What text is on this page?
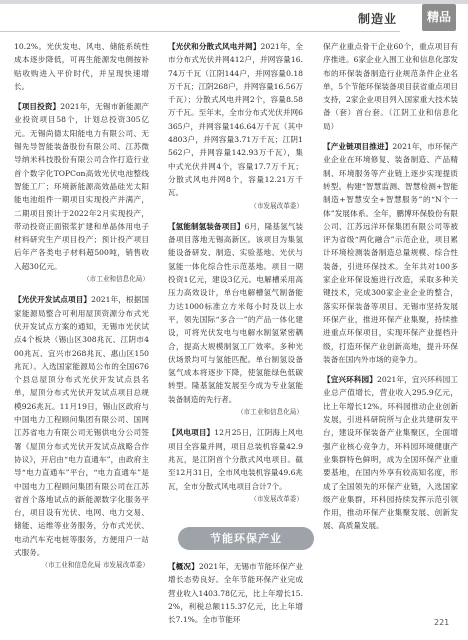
制造业	精品

10.2%。光伏发电、风电、储能系统性成本逐步降低，可再生能源发电侧按补贴收购进入平价时代，并呈现快速增长。

【项目投资】2021年，无锡市新能源产业投资项目58个，计划总投资305亿元。无锡尚德太阳能电力有限公司、无锡先导智能装备股份有限公司、江苏微导纳米科技股份有限公司合作打造行业首个数字化TOPCon高效光伏电池整线智能工厂；环境新能源高效晶硅光太阳能电池组件一期项目实现投产并满产，二期项目预计于2022年2月实现投产，带动投资正面银浆扩建和单晶体用电子材料研究生产项目投产；预计投产项目后年产各类电子材料超500吨，销售收入超30亿元。
（市工业和信息化局）

【光伏开发试点项目】2021年，根据国家能源局整合可利用屋顶资源分布式光伏开发试点方案的通知，无锡市光伏试点4个板块（锡山区308兆瓦、江阴市400兆瓦、宜兴市268兆瓦、惠山区150兆瓦）。入选国家能源局公布的全国676个县总屋顶分布式光伏开发试点县名单，屋顶分布式光伏开发试点项目总规模926兆瓦。11月19日，锡山区政府与中国电力工程顾问集团有限公司、国网江苏省电力有限公司无锡供电分公司签署《屋顶分布式光伏开发试点战略合作协议》，开启由“电力直通车”，由政府主导“电力直通车”平台，“电力直通车”是中国电力工程顾问集团有限公司在江苏省首个落地试点的新能源数字化服务平台，项目设有光伏、电网、电力交易、储能、运维等业务服务，分布式光伏、电动汽车充电桩等服务，方便用户一站式服务。
（市工业和信息化局 市发展改革委）

【光伏和分散式风电并网】2021年，全市分布式光伏并网412户，并网容量16.74万千瓦（江阴144户，并网容量0.18万千瓦；江阴268户，并网容量16.56万千瓦）；分散式风电并网2个，容量8.58万千瓦。至年末，全市分布式光伏并网6365户，并网容量146.64万千瓦（其中4803户，并网容量3.71万千瓦；江阴1562户，并网容量142.93万千瓦），集中式光伏并网4个，容量17.7万千瓦；分散式风电并网8个，容量12.21万千瓦。
（市发展改革委）

【氢能制氢装备项目】6月，隆基氢气装备项目落地无锡高新区。该项目为集氢能设备研发、制造、实验基地、光伏与氢能一体化综合性示范基地。项目一期投资1亿元，建设3亿元。电解槽采用高压力高效设计，单台电解槽氢气制备能力达1000标准立方米每小时及以上水平，领先国际“多合一”的产品一体化建设，可将光伏发电与电解水制氢紧密耦合，提高大规模制氢工厂效率。多种光伏场景均可与氢能匹配。单台制氢设备氢气成本将逐步下降，使氢能绿色低碳转型。隆基氢能发展至今成为专业氢能装备制造的先行者。
（市工业和信息化局）

【风电项目】12月25日，江阴海上风电项目全容量并网，项目总装机容量42.9兆瓦，是江阴首个分散式风电项目。截至12月31日，全市风电装机容量49.6兆瓦，全市分散式风电项目合计7个。
（市发展改革委）

节能环保产业

【概况】2021年，无锡市节能环保产业增长态势良好。全年节能环保产业完成营业收入1403.78亿元，比上年增长15.2%，利税总额115.37亿元，比上年增长7.1%。全市节能环

保产业重点骨干企业60个，重点项目有序推进。6家企业入围工业和信息化部发布的环保装备制造行业规范条件企业名单，5个节能环保装备项目获省重点项目支持，2家企业项目列入国家重大技术装备（套）首台套。（江阴工业和信息化局）

【产业链项目推进】2021年，市环保产业企业在环境修复、装备制造、产品精制、环境服务等产业链上逐步实现提质转型。构建“智慧监测、智慧检测+智能制造+智慧安全+智慧服务”的“N个一体”发展体系。全年，鹏博环保股份有限公司、江苏远洋环保集团有限公司等被评为省级“两化融合”示范企业，项目累计环境检测装备制造总量规模、综合性装备，引进环保技术。全年共对100多家企业环保设施进行改造，采取多种关键技术，完成300家企业企业的整合，落实环保装备等项目。无锡市坚持发展环保产业，推进环保产业集聚，持续推进重点环保项目，实现环保产业提档升级，打造环保产业创新高地，提升环保装备在国内外市场的竞争力。

【宜兴环科园】2021年，宜兴环科园工业总产值增长，营业收入295.9亿元，比上年增长12%。环科园推动企业创新发展，引进科研院所与企业共建研发平台，建设环保装备产业集聚区，全面增强产业核心竞争力，环科园环境健康产业集群特色鲜明，成为全国环保产业重要基地，在国内外享有较高知名度，形成了全国领先的环保产业链，入选国家级产业集群，环科园持续发挥示范引领作用，推动环保产业集聚发展、创新发展、高质量发展。

221
